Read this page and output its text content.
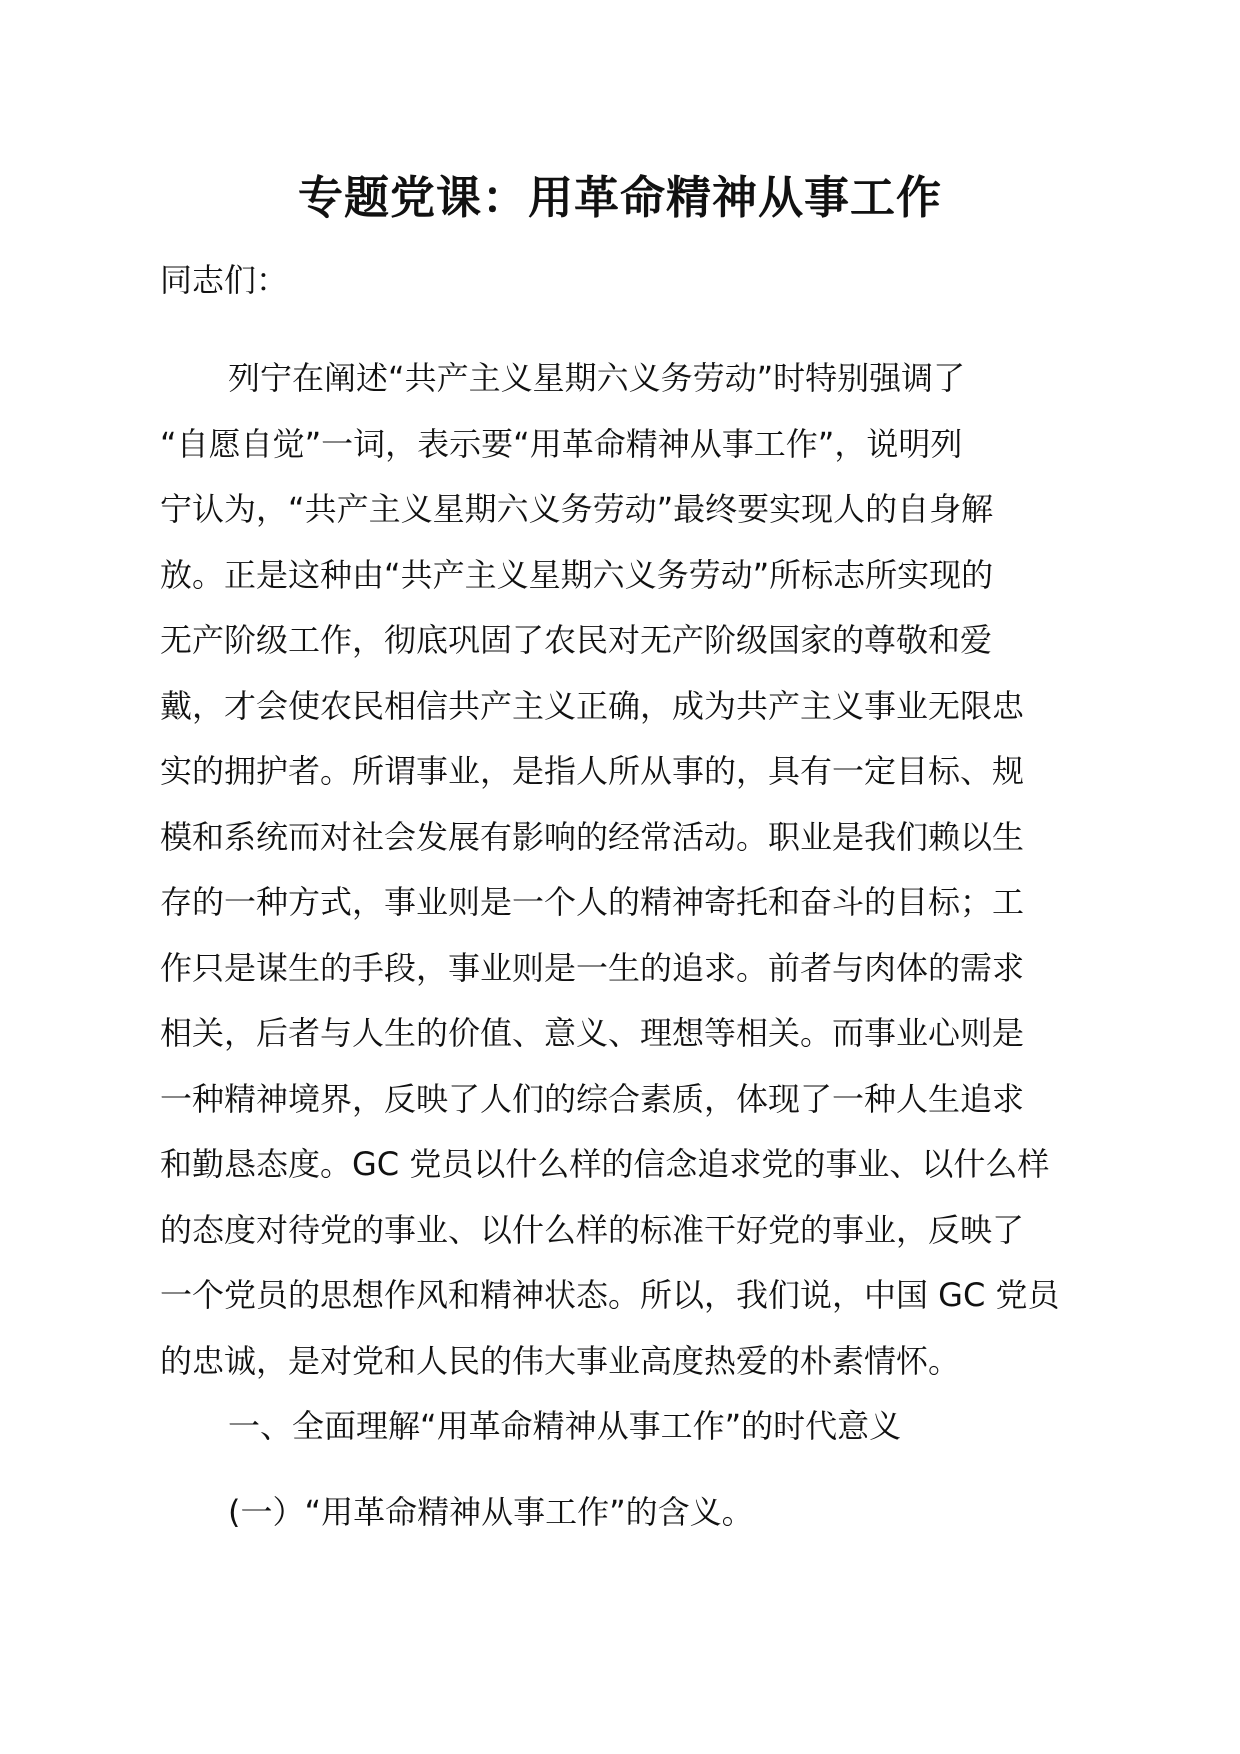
专题党课：用革命精神从事工作

同志们：

列宁在阐述“共产主义星期六义务劳动”时特别强调了
“自愿自觉”一词，表示要“用革命精神从事工作”，说明列
宁认为，“共产主义星期六义务劳动”最终要实现人的自身解
放。正是这种由“共产主义星期六义务劳动”所标志所实现的
无产阶级工作，彻底巩固了农民对无产阶级国家的尊敬和爱
戴，才会使农民相信共产主义正确，成为共产主义事业无限忠
实的拥护者。所谓事业，是指人所从事的，具有一定目标、规
模和系统而对社会发展有影响的经常活动。职业是我们赖以生
存的一种方式，事业则是一个人的精神寄托和奋斗的目标；工
作只是谋生的手段，事业则是一生的追求。前者与肉体的需求
相关，后者与人生的价值、意义、理想等相关。而事业心则是
一种精神境界，反映了人们的综合素质，体现了一种人生追求
和勤恳态度。GC 党员以什么样的信念追求党的事业、以什么样
的态度对待党的事业、以什么样的标准干好党的事业，反映了
一个党员的思想作风和精神状态。所以，我们说，中国 GC 党员
的忠诚，是对党和人民的伟大事业高度热爱的朴素情怀。

一、全面理解“用革命精神从事工作”的时代意义

(一）“用革命精神从事工作”的含义。
